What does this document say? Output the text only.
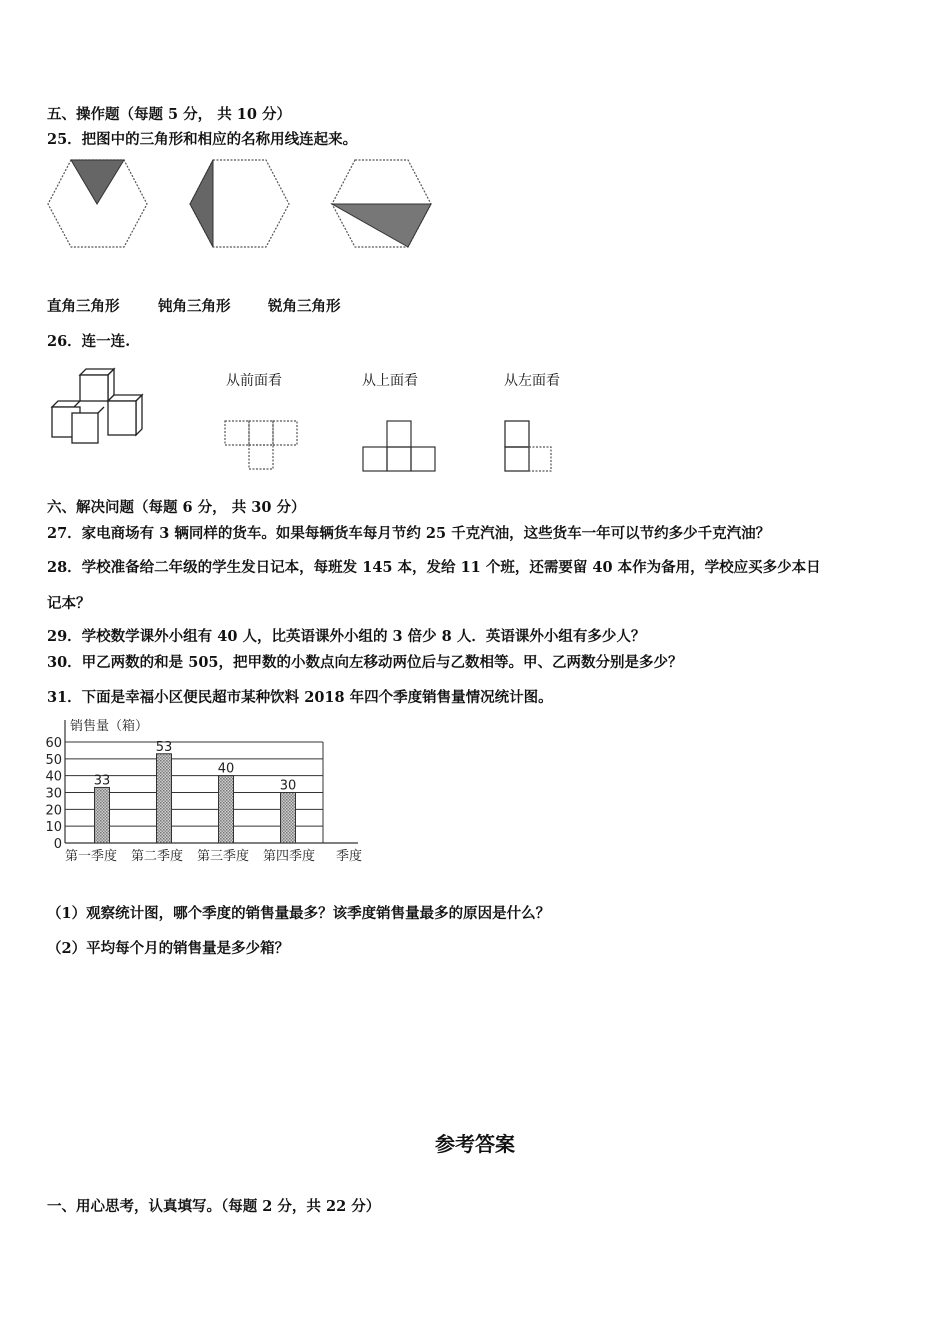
五、操作题（每题 5 分， 共 10 分）
25．把图中的三角形和相应的名称用线连起来。
直角三角形	钝角三角形	锐角三角形
26．连一连.
从前面看	从上面看	从左面看
六、解决问题（每题 6 分， 共 30 分）
27．家电商场有 3 辆同样的货车。如果每辆货车每月节约 25 千克汽油，这些货车一年可以节约多少千克汽油？
28．学校准备给二年级的学生发日记本，每班发 145 本，发给 11 个班，还需要留 40 本作为备用，学校应买多少本日
记本？
29．学校数学课外小组有 40 人，比英语课外小组的 3 倍少 8 人．英语课外小组有多少人？
30．甲乙两数的和是 505，把甲数的小数点向左移动两位后与乙数相等。甲、乙两数分别是多少？
31．下面是幸福小区便民超市某种饮料 2018 年四个季度销售量情况统计图。
销售量（箱）
0
10
20
30
40
50
60
33
53
40
30
第一季度 第二季度 第三季度 第四季度 季度
（1）观察统计图，哪个季度的销售量最多？该季度销售量最多的原因是什么？
（2）平均每个月的销售量是多少箱？
参考答案
一、用心思考，认真填写。（每题 2 分，共 22 分）
